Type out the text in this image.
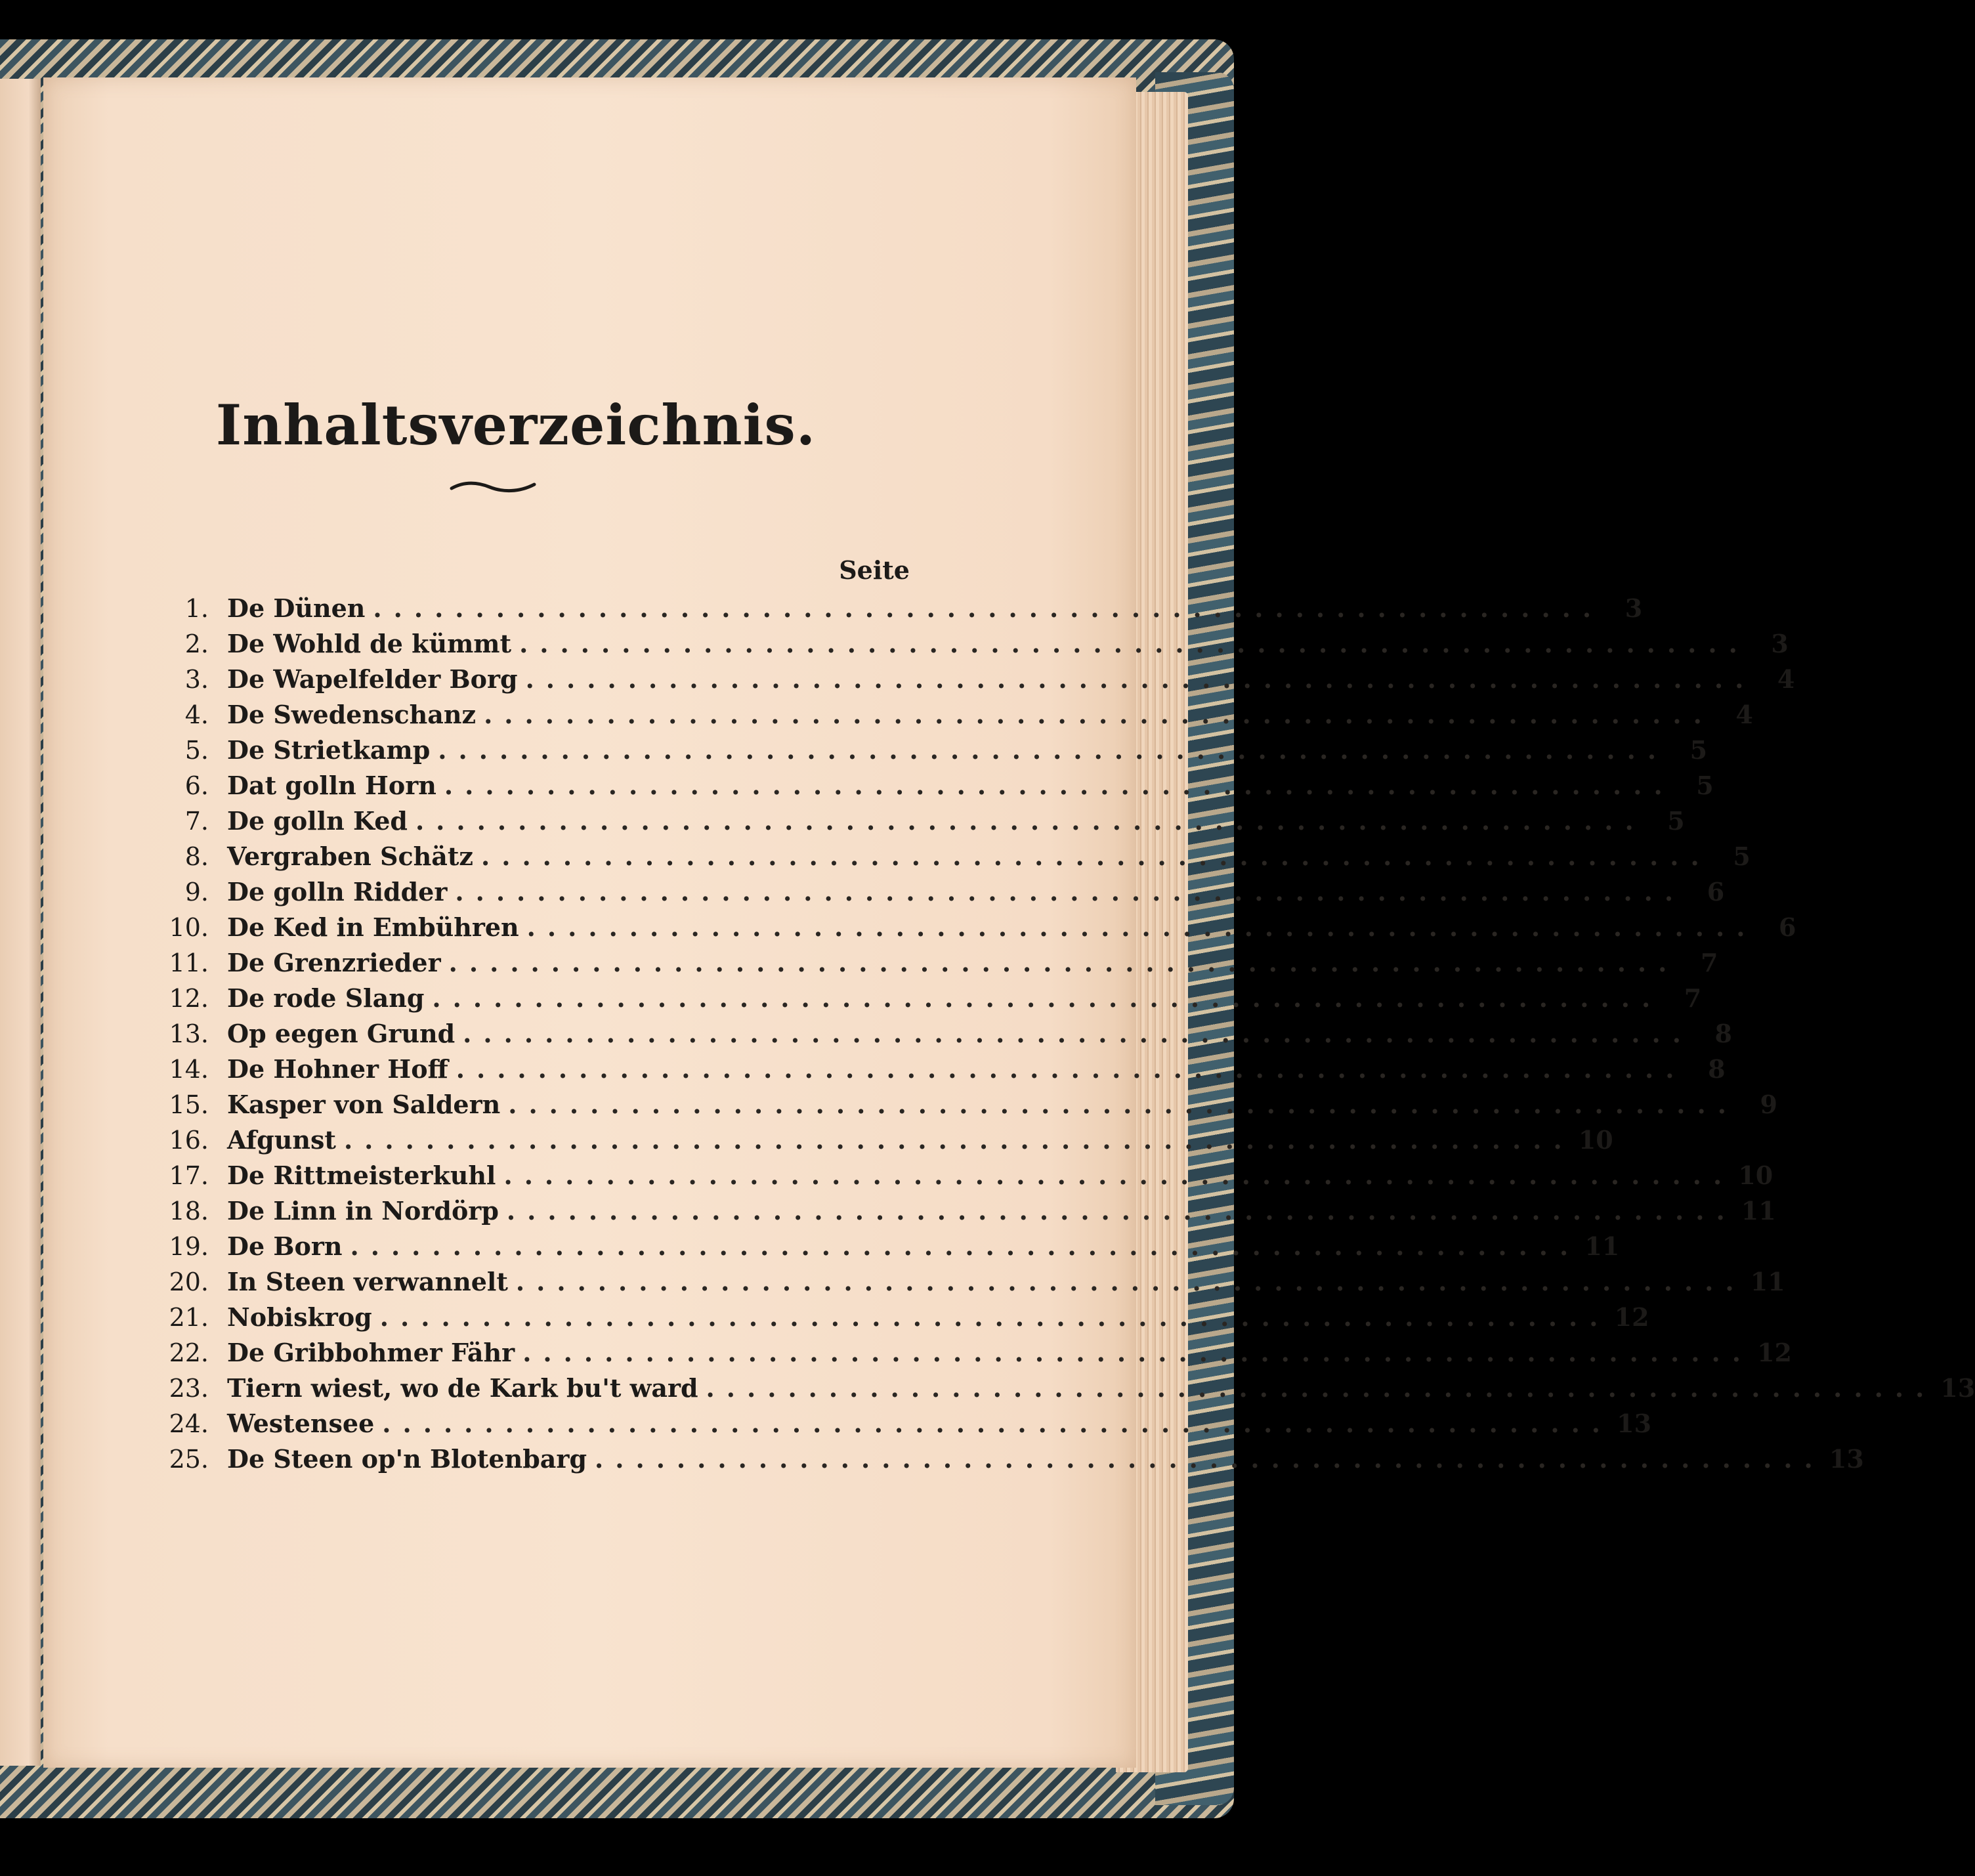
Inhaltsverzeichnis.
Seite
1. De Dünen ............................................................ 3
2. De Wohld de kümmt ............................................................ 3
3. De Wapelfelder Borg ............................................................ 4
4. De Swedenschanz ............................................................ 4
5. De Strietkamp ............................................................ 5
6. Dat golln Horn ............................................................ 5
7. De golln Ked ............................................................ 5
8. Vergraben Schätz ............................................................ 5
9. De golln Ridder ............................................................ 6
10. De Ked in Embühren ............................................................ 6
11. De Grenzrieder ............................................................ 7
12. De rode Slang ............................................................ 7
13. Op eegen Grund ............................................................ 8
14. De Hohner Hoff ............................................................ 8
15. Kasper von Saldern ............................................................ 9
16. Afgunst ............................................................ 10
17. De Rittmeisterkuhl ............................................................ 10
18. De Linn in Nordörp ............................................................ 11
19. De Born ............................................................ 11
20. In Steen verwannelt ............................................................ 11
21. Nobiskrog ............................................................ 12
22. De Gribbohmer Fähr ............................................................ 12
23. Tiern wiest, wo de Kark bu't ward ............................................................ 13
24. Westensee ............................................................ 13
25. De Steen op'n Blotenbarg ............................................................ 13
